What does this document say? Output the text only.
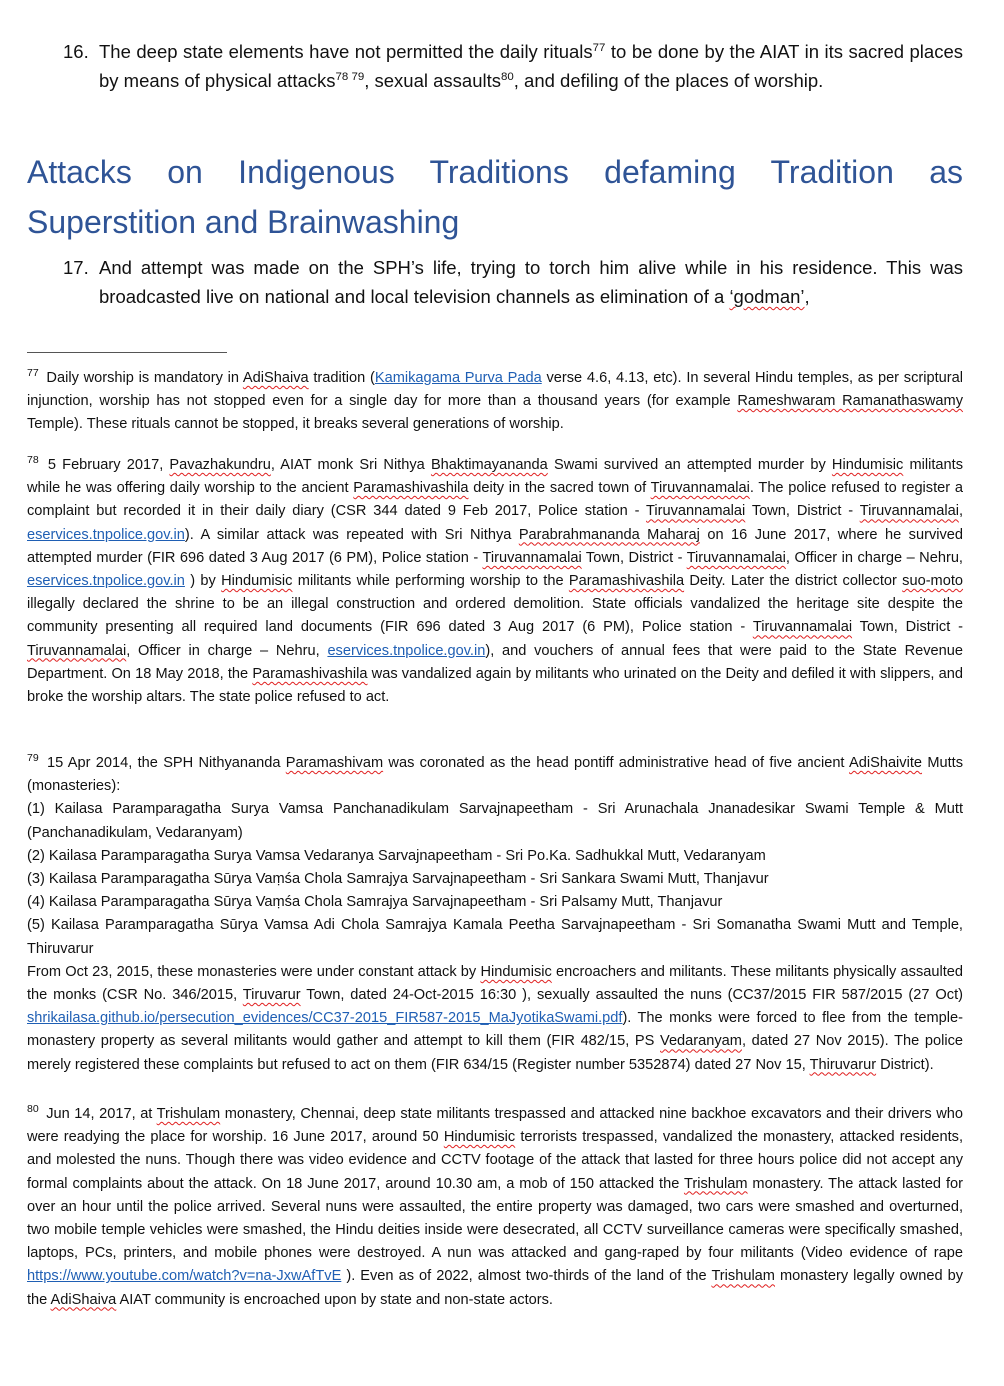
16. The deep state elements have not permitted the daily rituals$^{77}$ to be done by the AIAT in its sacred places by means of physical attacks$^{78}$ $^{79}$, sexual assaults$^{80}$, and defiling of the places of worship.
Attacks on Indigenous Traditions defaming Tradition as
Superstition and Brainwashing
17. And attempt was made on the SPH’s life, trying to torch him alive while in his residence. This was broadcasted live on national and local television channels as elimination of a ‘godman’,
$^{77}$ Daily worship is mandatory in AdiShaiva tradition (Kamikagama Purva Pada verse 4.6, 4.13, etc). In several Hindu temples, as per scriptural injunction, worship has not stopped even for a single day for more than a thousand years (for example Rameshwaram Ramanathaswamy Temple). These rituals cannot be stopped, it breaks several generations of worship.
$^{78}$ 5 February 2017, Pavazhakundru, AIAT monk Sri Nithya Bhaktimayananda Swami survived an attempted murder by Hindumisic militants while he was offering daily worship to the ancient Paramashivashila deity in the sacred town of Tiruvannamalai. The police refused to register a complaint but recorded it in their daily diary (CSR 344 dated 9 Feb 2017, Police station - Tiruvannamalai Town, District - Tiruvannamalai, eservices.tnpolice.gov.in). A similar attack was repeated with Sri Nithya Parabrahmananda Maharaj on 16 June 2017, where he survived attempted murder (FIR 696 dated 3 Aug 2017 (6 PM), Police station - Tiruvannamalai Town, District - Tiruvannamalai, Officer in charge – Nehru, eservices.tnpolice.gov.in ) by Hindumisic militants while performing worship to the Paramashivashila Deity. Later the district collector suo-moto illegally declared the shrine to be an illegal construction and ordered demolition. State officials vandalized the heritage site despite the community presenting all required land documents (FIR 696 dated 3 Aug 2017 (6 PM), Police station - Tiruvannamalai Town, District - Tiruvannamalai, Officer in charge – Nehru, eservices.tnpolice.gov.in), and vouchers of annual fees that were paid to the State Revenue Department. On 18 May 2018, the Paramashivashila was vandalized again by militants who urinated on the Deity and defiled it with slippers, and broke the worship altars. The state police refused to act.
$^{79}$ 15 Apr 2014, the SPH Nithyananda Paramashivam was coronated as the head pontiff administrative head of five ancient AdiShaivite Mutts (monasteries):
(1) Kailasa Paramparagatha Surya Vamsa Panchanadikulam Sarvajnapeetham - Sri Arunachala Jnanadesikar Swami Temple & Mutt (Panchanadikulam, Vedaranyam)
(2) Kailasa Paramparagatha Surya Vamsa Vedaranya Sarvajnapeetham - Sri Po.Ka. Sadhukkal Mutt, Vedaranyam
(3) Kailasa Paramparagatha Sūrya Vaṃśa Chola Samrajya Sarvajnapeetham - Sri Sankara Swami Mutt, Thanjavur
(4) Kailasa Paramparagatha Sūrya Vaṃśa Chola Samrajya Sarvajnapeetham - Sri Palsamy Mutt, Thanjavur
(5) Kailasa Paramparagatha Sūrya Vamsa Adi Chola Samrajya Kamala Peetha Sarvajnapeetham - Sri Somanatha Swami Mutt and Temple, Thiruvarur
From Oct 23, 2015, these monasteries were under constant attack by Hindumisic encroachers and militants. These militants physically assaulted the monks (CSR No. 346/2015, Tiruvarur Town, dated 24-Oct-2015 16:30 ), sexually assaulted the nuns (CC37/2015 FIR 587/2015 (27 Oct) shrikailasa.github.io/persecution_evidences/CC37-2015_FIR587-2015_MaJyotikaSwami.pdf). The monks were forced to flee from the temple-monastery property as several militants would gather and attempt to kill them (FIR 482/15, PS Vedaranyam, dated 27 Nov 2015). The police merely registered these complaints but refused to act on them (FIR 634/15 (Register number 5352874) dated 27 Nov 15, Thiruvarur District).
$^{80}$ Jun 14, 2017, at Trishulam monastery, Chennai, deep state militants trespassed and attacked nine backhoe excavators and their drivers who were readying the place for worship. 16 June 2017, around 50 Hindumisic terrorists trespassed, vandalized the monastery, attacked residents, and molested the nuns. Though there was video evidence and CCTV footage of the attack that lasted for three hours police did not accept any formal complaints about the attack. On 18 June 2017, around 10.30 am, a mob of 150 attacked the Trishulam monastery. The attack lasted for over an hour until the police arrived. Several nuns were assaulted, the entire property was damaged, two cars were smashed and overturned, two mobile temple vehicles were smashed, the Hindu deities inside were desecrated, all CCTV surveillance cameras were specifically smashed, laptops, PCs, printers, and mobile phones were destroyed. A nun was attacked and gang-raped by four militants (Video evidence of rape https://www.youtube.com/watch?v=na-JxwAfTvE ). Even as of 2022, almost two-thirds of the land of the Trishulam monastery legally owned by the AdiShaiva AIAT community is encroached upon by state and non-state actors.
